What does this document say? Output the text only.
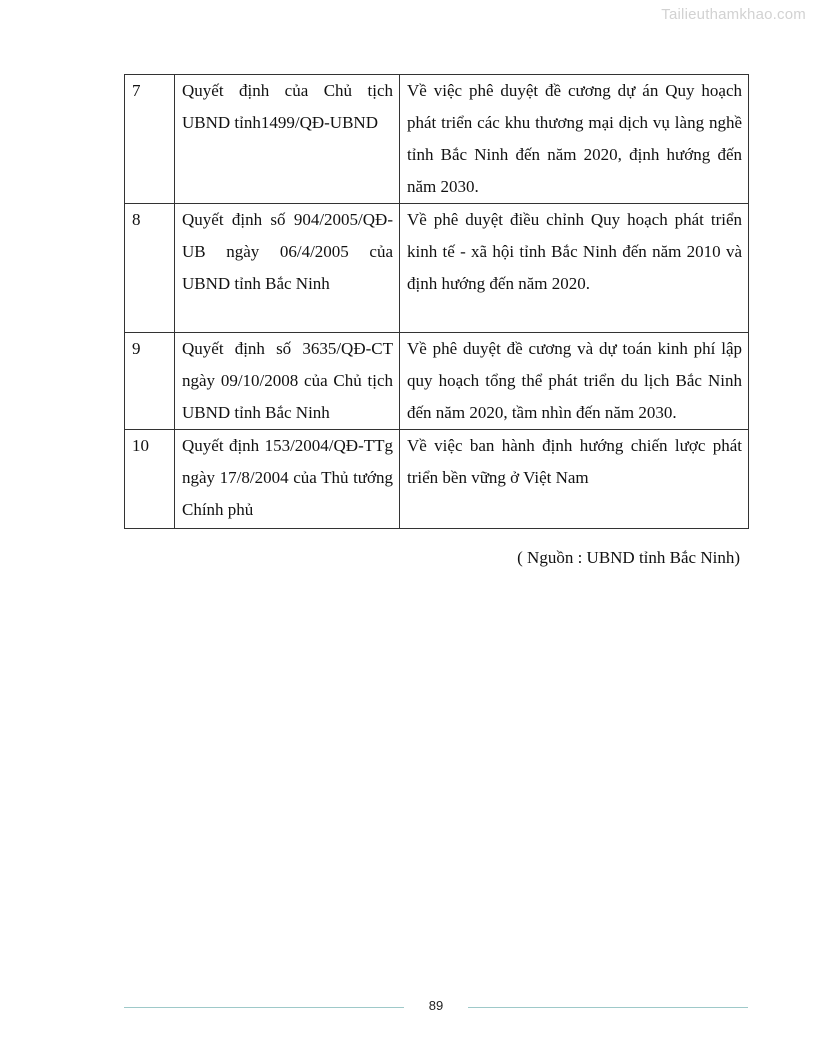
Tailieuthamkhao.com
7	Quyết định của Chủ tịch UBND tỉnh1499/QĐ-UBND	Về việc phê duyệt đề cương dự án Quy hoạch phát triển các khu thương mại dịch vụ làng nghề tỉnh Bắc Ninh đến năm 2020, định hướng đến năm 2030.
8	Quyết định số 904/2005/QĐ-UB ngày 06/4/2005 của UBND tỉnh Bắc Ninh	Về phê duyệt điều chỉnh Quy hoạch phát triển kinh tế - xã hội tỉnh Bắc Ninh đến năm 2010 và định hướng đến năm 2020.
9	Quyết định số 3635/QĐ-CT ngày 09/10/2008 của Chủ tịch UBND tỉnh Bắc Ninh	Về phê duyệt đề cương và dự toán kinh phí lập quy hoạch tổng thể phát triển du lịch Bắc Ninh đến năm 2020, tầm nhìn đến năm 2030.
10	Quyết định 153/2004/QĐ-TTg ngày 17/8/2004 của Thủ tướng Chính phủ	Về việc ban hành định hướng chiến lược phát triển bền vững ở Việt Nam
( Nguồn : UBND tỉnh Bắc Ninh)
89
